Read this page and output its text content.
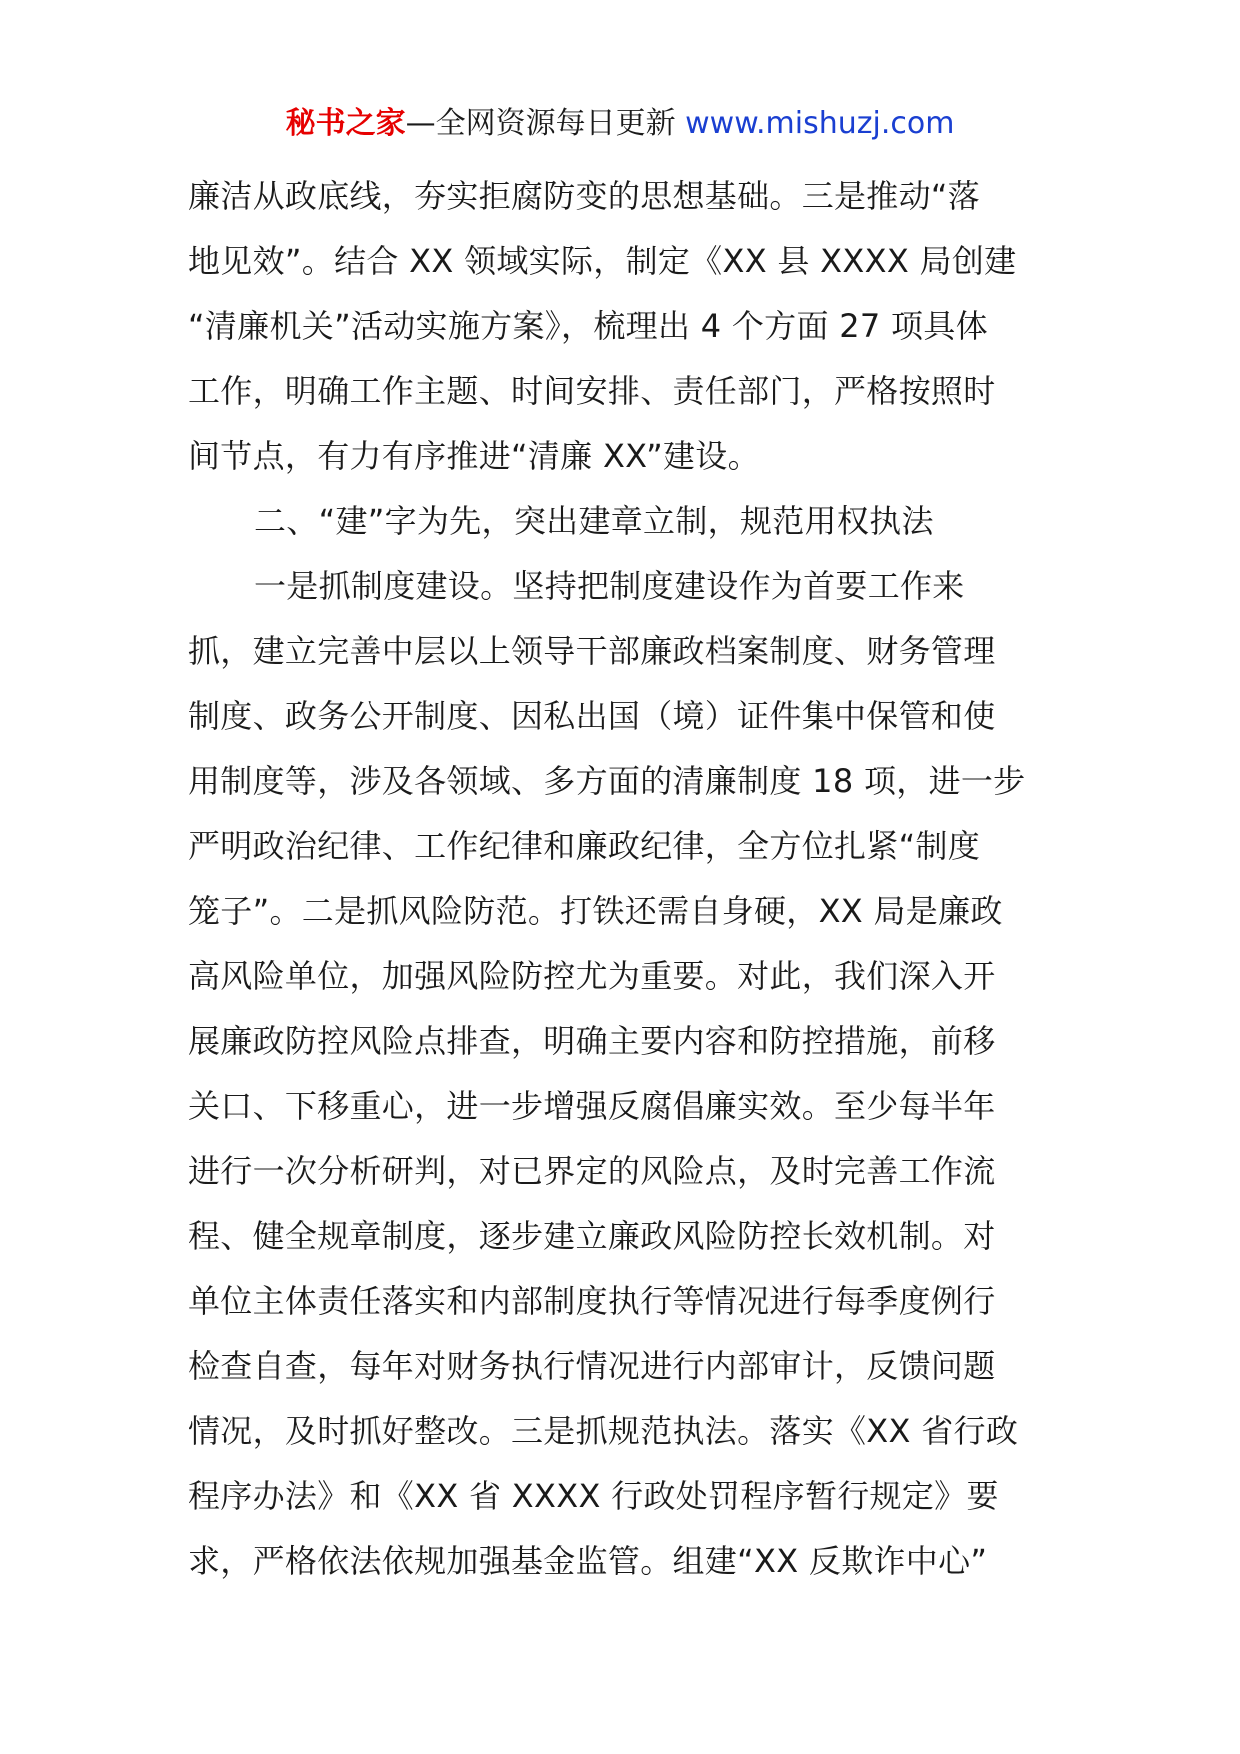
秘书之家—全网资源每日更新 www.mishuzj.com
廉洁从政底线，夯实拒腐防变的思想基础。三是推动“落
地见效”。结合 XX 领域实际，制定《XX 县 XXXX 局创建
“清廉机关”活动实施方案》，梳理出 4 个方面 27 项具体
工作，明确工作主题、时间安排、责任部门，严格按照时
间节点，有力有序推进“清廉 XX”建设。
二、“建”字为先，突出建章立制，规范用权执法
一是抓制度建设。坚持把制度建设作为首要工作来
抓，建立完善中层以上领导干部廉政档案制度、财务管理
制度、政务公开制度、因私出国（境）证件集中保管和使
用制度等，涉及各领域、多方面的清廉制度 18 项，进一步
严明政治纪律、工作纪律和廉政纪律，全方位扎紧“制度
笼子”。二是抓风险防范。打铁还需自身硬，XX 局是廉政
高风险单位，加强风险防控尤为重要。对此，我们深入开
展廉政防控风险点排查，明确主要内容和防控措施，前移
关口、下移重心，进一步增强反腐倡廉实效。至少每半年
进行一次分析研判，对已界定的风险点，及时完善工作流
程、健全规章制度，逐步建立廉政风险防控长效机制。对
单位主体责任落实和内部制度执行等情况进行每季度例行
检查自查，每年对财务执行情况进行内部审计，反馈问题
情况，及时抓好整改。三是抓规范执法。落实《XX 省行政
程序办法》和《XX 省 XXXX 行政处罚程序暂行规定》要
求，严格依法依规加强基金监管。组建“XX 反欺诈中心”
